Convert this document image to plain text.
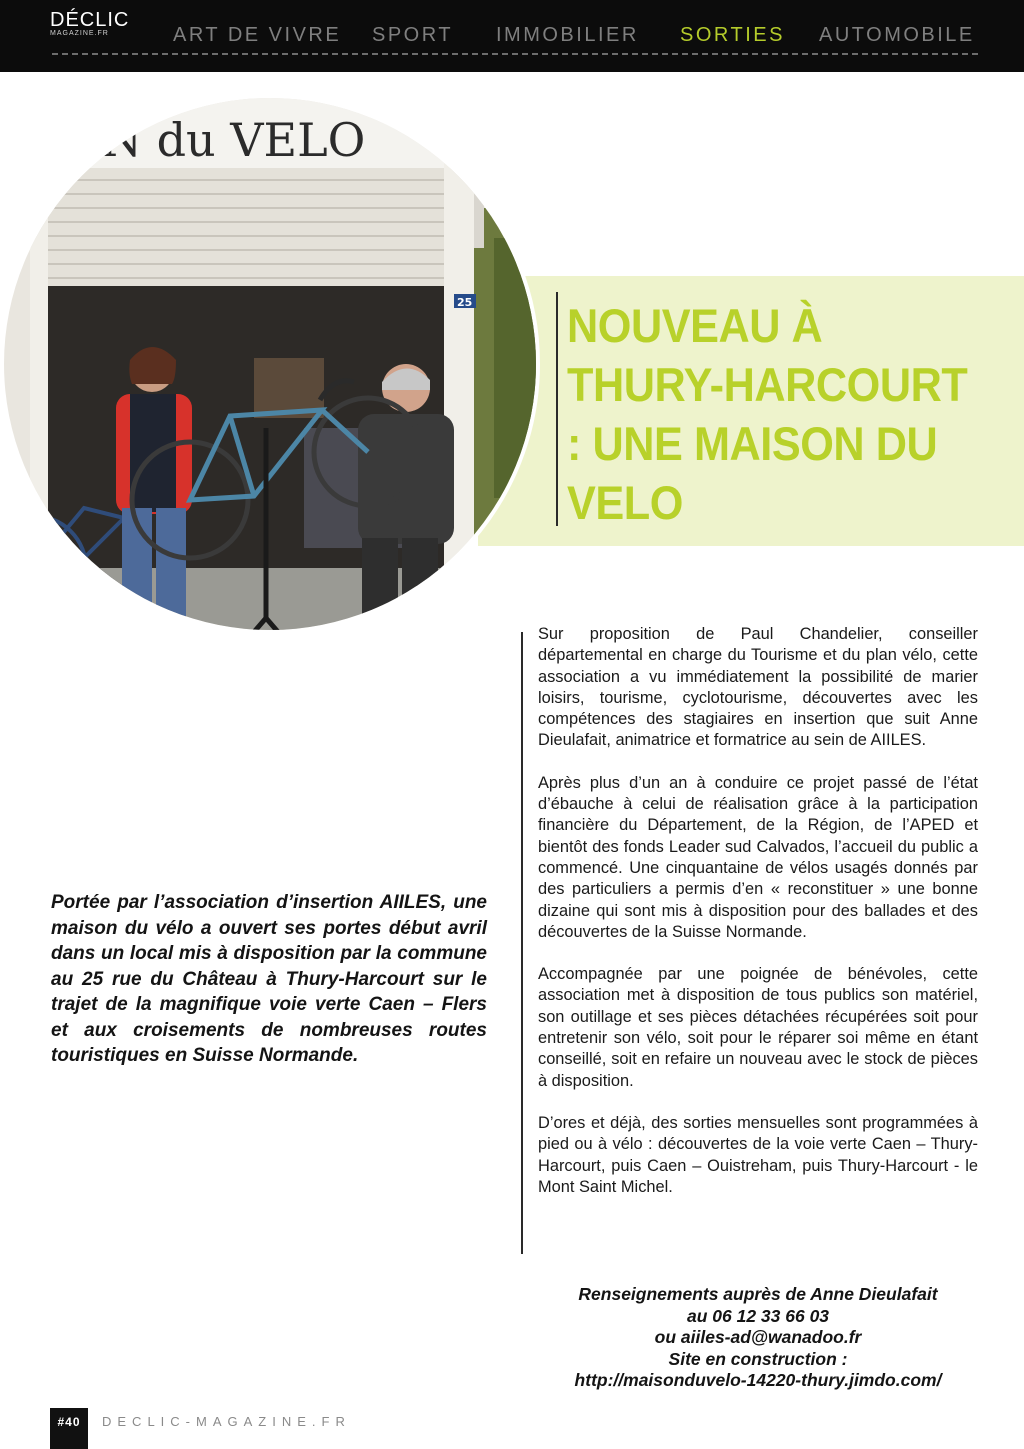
DÉCLIC
MAGAZINE.FR	ART DE VIVRE SPORT IMMOBILIER SORTIES AUTOMOBILE
ON du VELO
25 NOUVEAU À THURY-HARCOURT : UNE MAISON DU VELO

Portée par l’association d’insertion AIILES, une maison du vélo a ouvert ses portes début avril dans un local mis à disposition par la commune au 25 rue du Château à Thury-Harcourt sur le trajet de la magnifique voie verte Caen – Flers et aux croisements de nombreuses routes touristiques en Suisse Normande.

Sur proposition de Paul Chandelier, conseiller départemental en charge du Tourisme et du plan vélo, cette association a vu immédiatement la possibilité de marier loisirs, tourisme, cyclotourisme, découvertes avec les compétences des stagiaires en insertion que suit Anne Dieulafait, animatrice et formatrice au sein de AIILES.

Après plus d’un an à conduire ce projet passé de l’état d’ébauche à celui de réalisation grâce à la participation financière du Département, de la Région, de l’APED et bientôt des fonds Leader sud Calvados, l’accueil du public a commencé. Une cinquantaine de vélos usagés donnés par des particuliers a permis d’en « reconstituer » une bonne dizaine qui sont mis à disposition pour des ballades et des découvertes de la Suisse Normande.

Accompagnée par une poignée de bénévoles, cette association met à disposition de tous publics son matériel, son outillage et ses pièces détachées récupérées soit pour entretenir son vélo, soit pour le réparer soi même en étant conseillé, soit en refaire un nouveau avec le stock de pièces à disposition.

D’ores et déjà, des sorties mensuelles sont programmées à pied ou à vélo : découvertes de la voie verte Caen – Thury-Harcourt, puis Caen – Ouistreham, puis Thury-Harcourt - le Mont Saint Michel.

Renseignements auprès de Anne Dieulafait
au 06 12 33 66 03
ou aiiles-ad@wanadoo.fr
Site en construction :
http://maisonduvelo-14220-thury.jimdo.com/
#40	DECLIC-MAGAZINE.FR
